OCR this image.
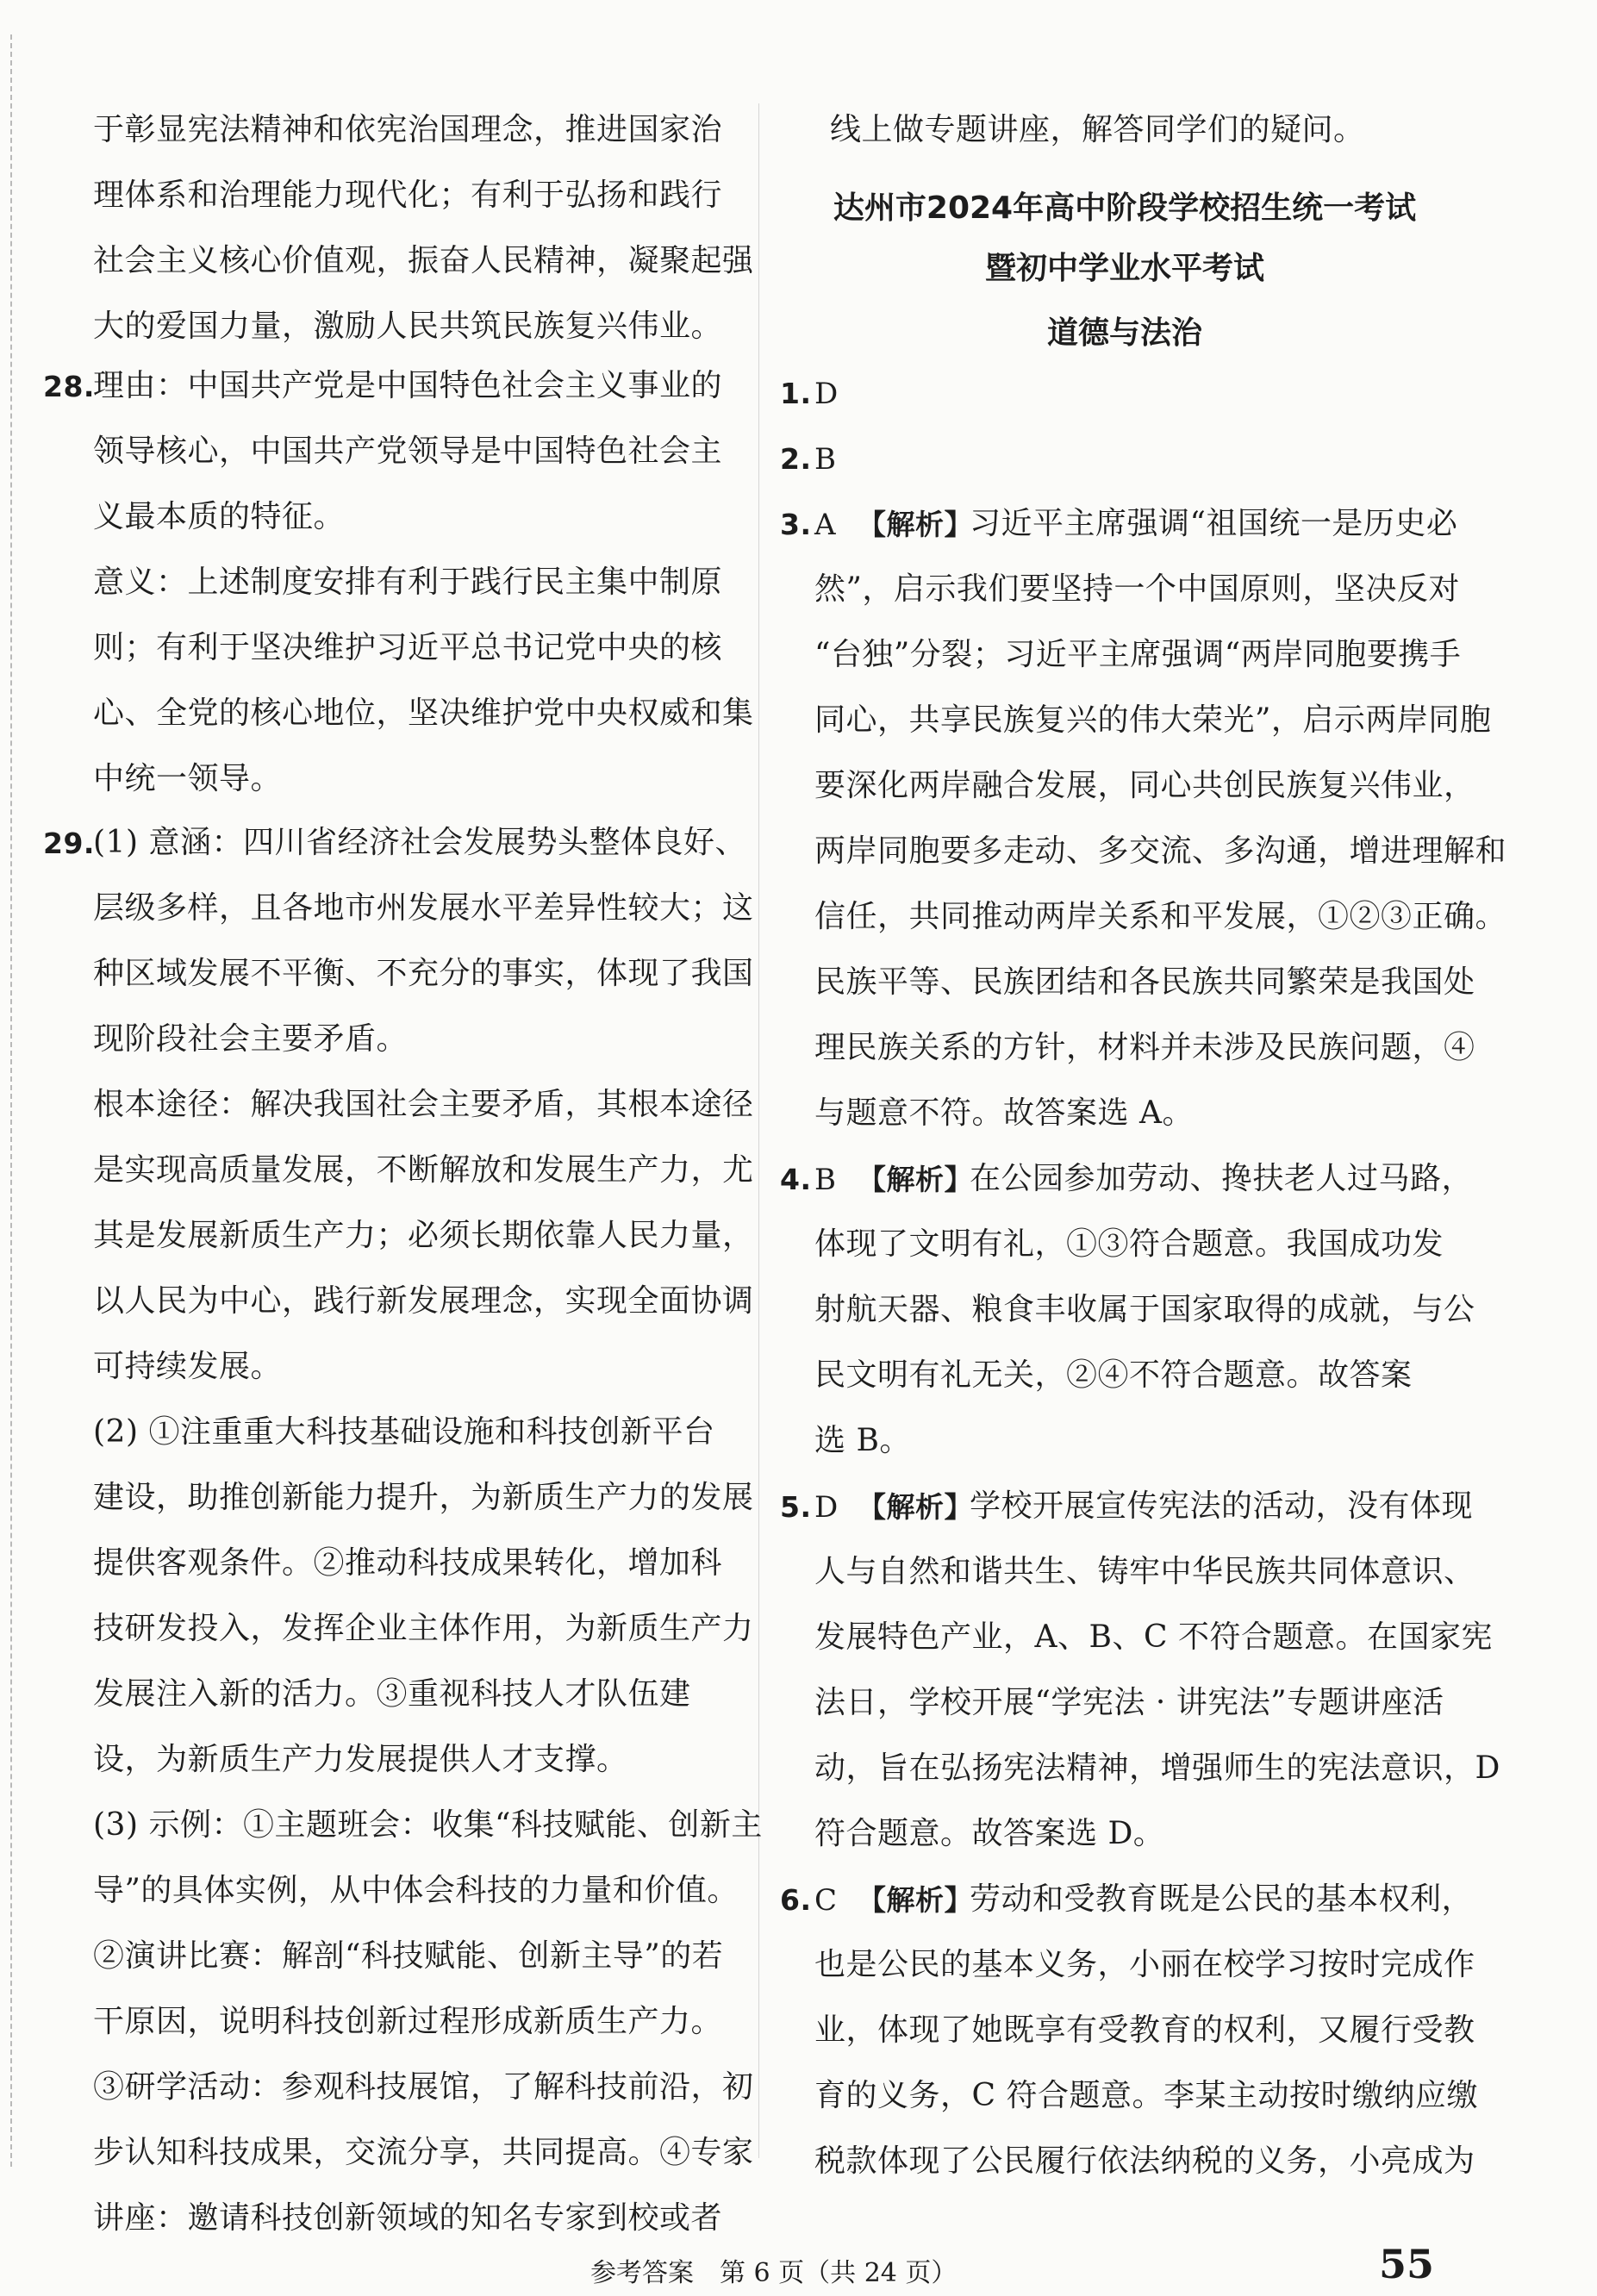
于彰显宪法精神和依宪治国理念，推进国家治
理体系和治理能力现代化；有利于弘扬和践行
社会主义核心价值观，振奋人民精神，凝聚起强
大的爱国力量，激励人民共筑民族复兴伟业。
28.
理由：中国共产党是中国特色社会主义事业的
领导核心，中国共产党领导是中国特色社会主
义最本质的特征。
意义：上述制度安排有利于践行民主集中制原
则；有利于坚决维护习近平总书记党中央的核
心、全党的核心地位，坚决维护党中央权威和集
中统一领导。
29.
(1) 意涵：四川省经济社会发展势头整体良好、
层级多样，且各地市州发展水平差异性较大；这
种区域发展不平衡、不充分的事实，体现了我国
现阶段社会主要矛盾。
根本途径：解决我国社会主要矛盾，其根本途径
是实现高质量发展，不断解放和发展生产力，尤
其是发展新质生产力；必须长期依靠人民力量，
以人民为中心，践行新发展理念，实现全面协调
可持续发展。
(2) ①注重重大科技基础设施和科技创新平台
建设，助推创新能力提升，为新质生产力的发展
提供客观条件。②推动科技成果转化，增加科
技研发投入，发挥企业主体作用，为新质生产力
发展注入新的活力。③重视科技人才队伍建
设，为新质生产力发展提供人才支撑。
(3) 示例：①主题班会：收集“科技赋能、创新主
导”的具体实例，从中体会科技的力量和价值。
②演讲比赛：解剖“科技赋能、创新主导”的若
干原因，说明科技创新过程形成新质生产力。
③研学活动：参观科技展馆，了解科技前沿，初
步认知科技成果，交流分享，共同提高。④专家
讲座：邀请科技创新领域的知名专家到校或者
线上做专题讲座，解答同学们的疑问。
达州市2024年高中阶段学校招生统一考试
暨初中学业水平考试
道德与法治
1. D
2. B
3. A 【解析】
习近平主席强调“祖国统一是历史必
然”，启示我们要坚持一个中国原则，坚决反对
“台独”分裂；习近平主席强调“两岸同胞要携手
同心，共享民族复兴的伟大荣光”，启示两岸同胞
要深化两岸融合发展，同心共创民族复兴伟业，
两岸同胞要多走动、多交流、多沟通，增进理解和
信任，共同推动两岸关系和平发展，①②③正确。
民族平等、民族团结和各民族共同繁荣是我国处
理民族关系的方针，材料并未涉及民族问题，④
与题意不符。故答案选 A。
4. B 【解析】
在公园参加劳动、搀扶老人过马路，
体现了文明有礼，①③符合题意。我国成功发
射航天器、粮食丰收属于国家取得的成就，与公
民文明有礼无关，②④不符合题意。故答案
选 B。
5. D 【解析】
学校开展宣传宪法的活动，没有体现
人与自然和谐共生、铸牢中华民族共同体意识、
发展特色产业，A、B、C 不符合题意。在国家宪
法日，学校开展“学宪法 · 讲宪法”专题讲座活
动，旨在弘扬宪法精神，增强师生的宪法意识，D
符合题意。故答案选 D。
6. C 【解析】
劳动和受教育既是公民的基本权利，
也是公民的基本义务，小丽在校学习按时完成作
业，体现了她既享有受教育的权利，又履行受教
育的义务，C 符合题意。李某主动按时缴纳应缴
税款体现了公民履行依法纳税的义务，小亮成为
参考答案　第 6 页（共 24 页）	55
